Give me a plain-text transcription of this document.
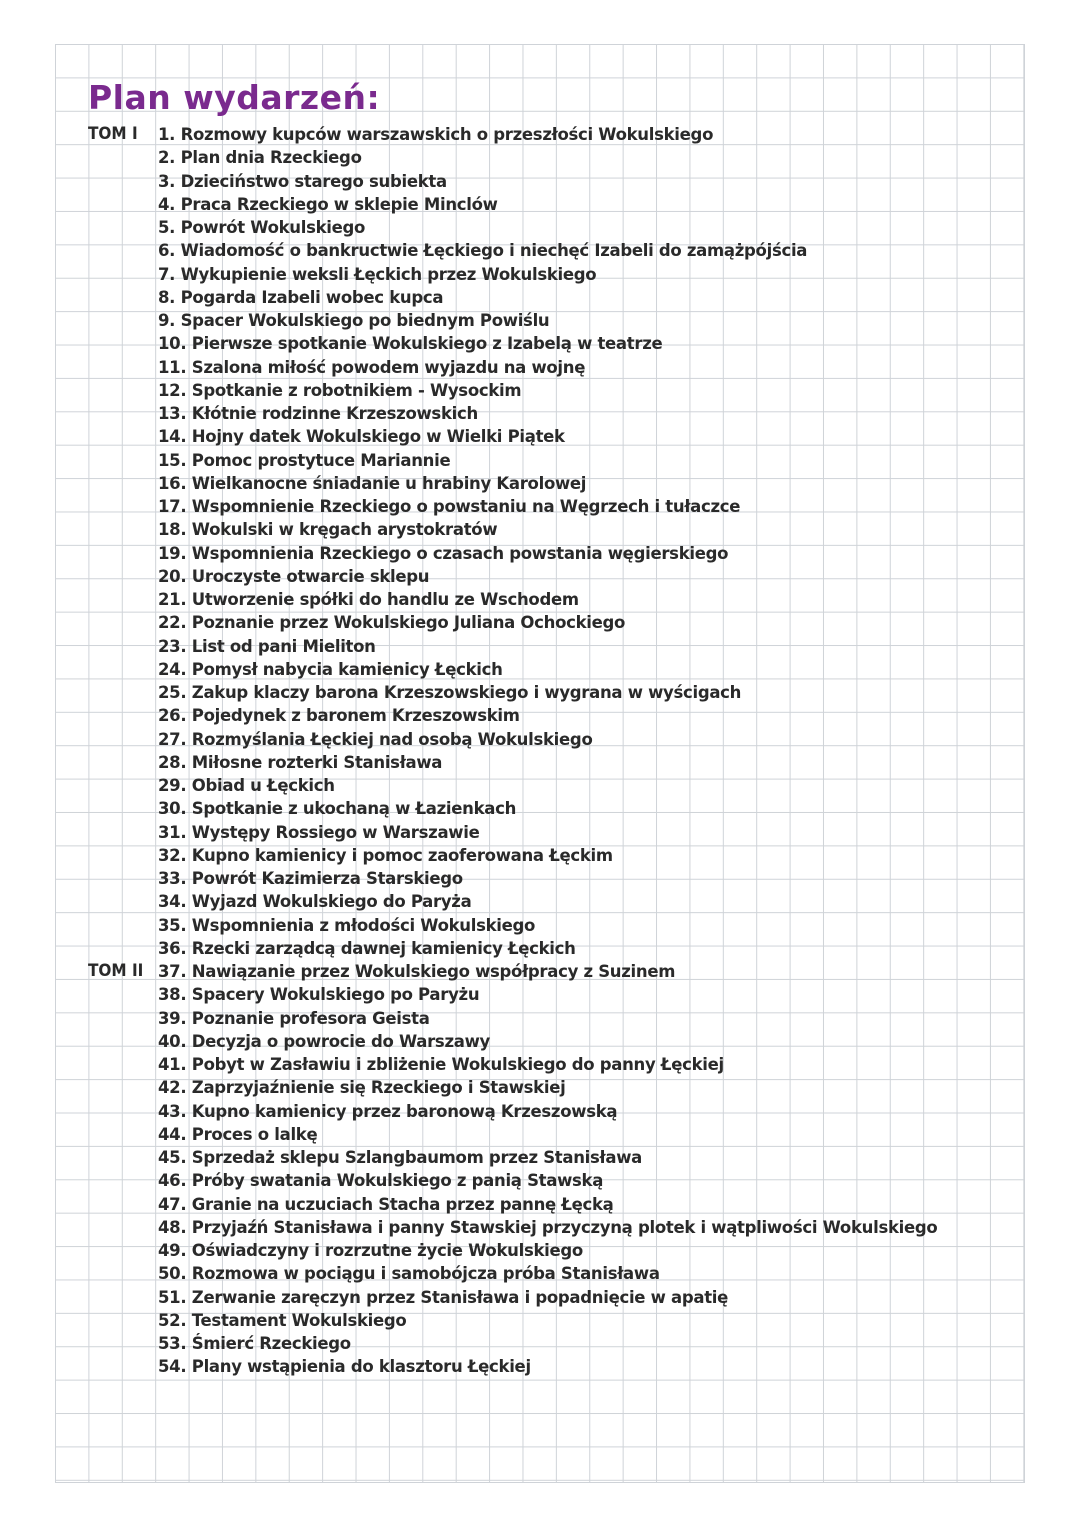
Plan wydarzeń:
TOM I
TOM II
1. Rozmowy kupców warszawskich o przeszłości Wokulskiego
2. Plan dnia Rzeckiego
3. Dzieciństwo starego subiekta
4. Praca Rzeckiego w sklepie Minclów
5. Powrót Wokulskiego
6. Wiadomość o bankructwie Łęckiego i niechęć Izabeli do zamążpójścia
7. Wykupienie weksli Łęckich przez Wokulskiego
8. Pogarda Izabeli wobec kupca
9. Spacer Wokulskiego po biednym Powiślu
10. Pierwsze spotkanie Wokulskiego z Izabelą w teatrze
11. Szalona miłość powodem wyjazdu na wojnę
12. Spotkanie z robotnikiem - Wysockim
13. Kłótnie rodzinne Krzeszowskich
14. Hojny datek Wokulskiego w Wielki Piątek
15. Pomoc prostytuce Mariannie
16. Wielkanocne śniadanie u hrabiny Karolowej
17. Wspomnienie Rzeckiego o powstaniu na Węgrzech i tułaczce
18. Wokulski w kręgach arystokratów
19. Wspomnienia Rzeckiego o czasach powstania węgierskiego
20. Uroczyste otwarcie sklepu
21. Utworzenie spółki do handlu ze Wschodem
22. Poznanie przez Wokulskiego Juliana Ochockiego
23. List od pani Mieliton
24. Pomysł nabycia kamienicy Łęckich
25. Zakup klaczy barona Krzeszowskiego i wygrana w wyścigach
26. Pojedynek z baronem Krzeszowskim
27. Rozmyślania Łęckiej nad osobą Wokulskiego
28. Miłosne rozterki Stanisława
29. Obiad u Łęckich
30. Spotkanie z ukochaną w Łazienkach
31. Występy Rossiego w Warszawie
32. Kupno kamienicy i pomoc zaoferowana Łęckim
33. Powrót Kazimierza Starskiego
34. Wyjazd Wokulskiego do Paryża
35. Wspomnienia z młodości Wokulskiego
36. Rzecki zarządcą dawnej kamienicy Łęckich
37. Nawiązanie przez Wokulskiego współpracy z Suzinem
38. Spacery Wokulskiego po Paryżu
39. Poznanie profesora Geista
40. Decyzja o powrocie do Warszawy
41. Pobyt w Zasławiu i zbliżenie Wokulskiego do panny Łęckiej
42. Zaprzyjaźnienie się Rzeckiego i Stawskiej
43. Kupno kamienicy przez baronową Krzeszowską
44. Proces o lalkę
45. Sprzedaż sklepu Szlangbaumom przez Stanisława
46. Próby swatania Wokulskiego z panią Stawską
47. Granie na uczuciach Stacha przez pannę Łęcką
48. Przyjaźń Stanisława i panny Stawskiej przyczyną plotek i wątpliwości Wokulskiego
49. Oświadczyny i rozrzutne życie Wokulskiego
50. Rozmowa w pociągu i samobójcza próba Stanisława
51. Zerwanie zaręczyn przez Stanisława i popadnięcie w apatię
52. Testament Wokulskiego
53. Śmierć Rzeckiego
54. Plany wstąpienia do klasztoru Łęckiej
